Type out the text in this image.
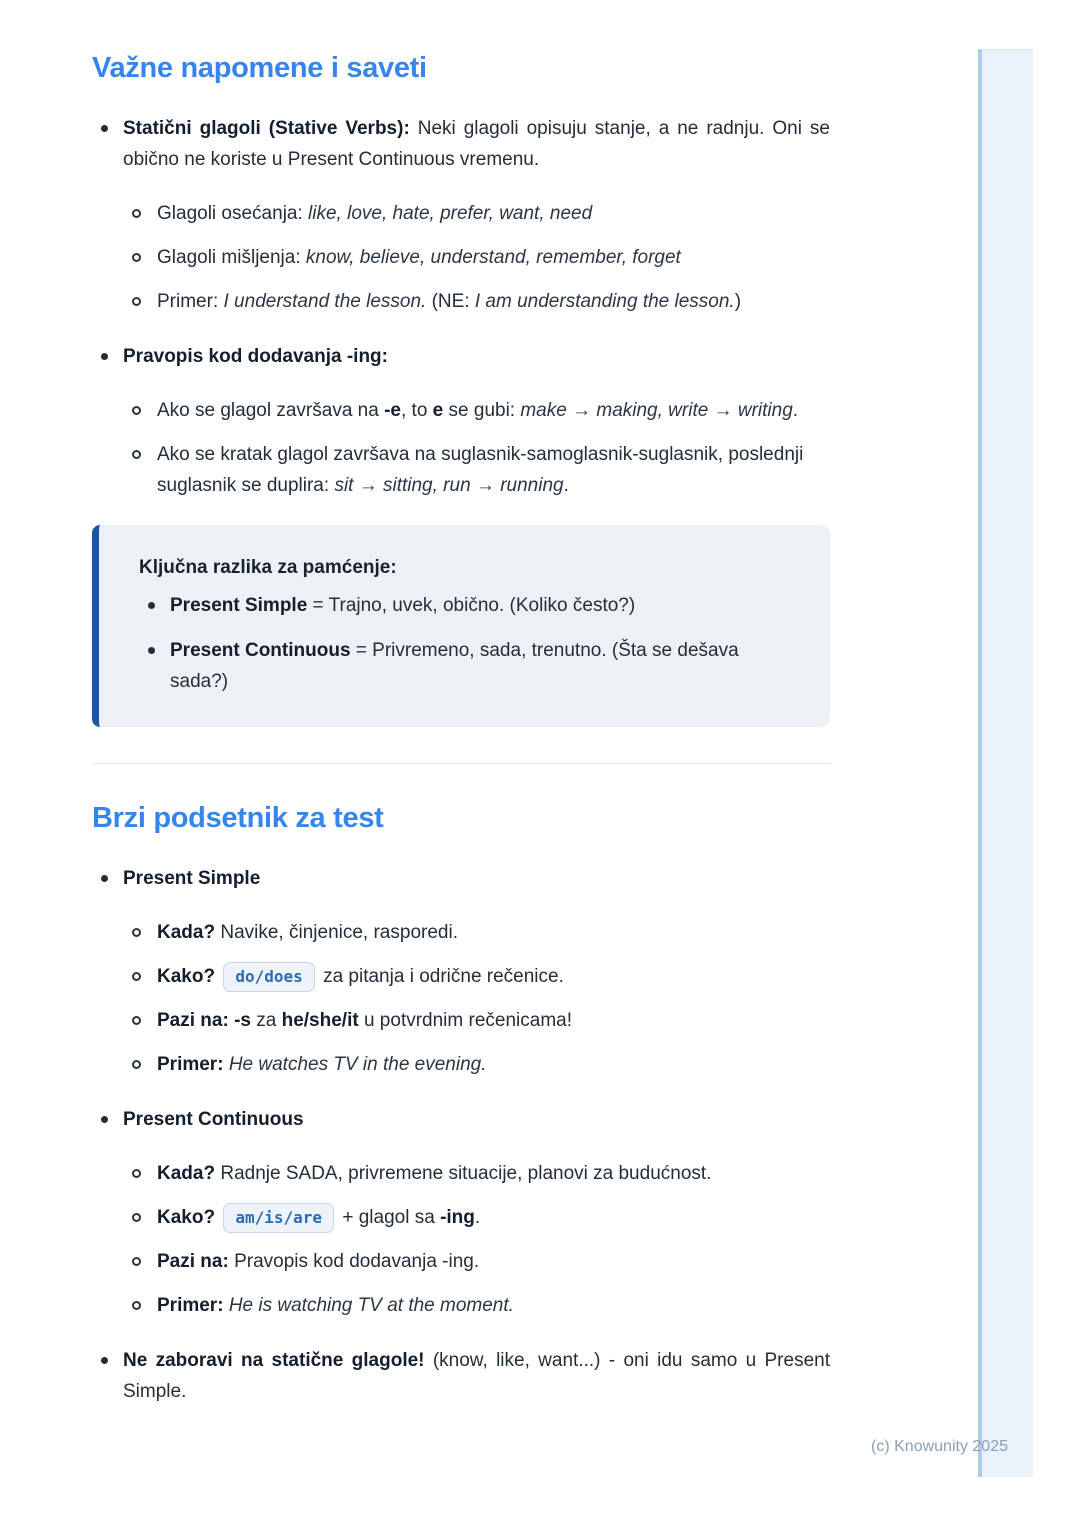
Važne napomene i saveti

Statični glagoli (Stative Verbs): Neki glagoli opisuju stanje, a ne radnju. Oni se obično ne koriste u Present Continuous vremenu.

Glagoli osećanja: like, love, hate, prefer, want, need

Glagoli mišljenja: know, believe, understand, remember, forget

Primer: I understand the lesson. (NE: I am understanding the lesson.)

Pravopis kod dodavanja -ing:

Ako se glagol završava na -e, to e se gubi: make → making, write → writing.

Ako se kratak glagol završava na suglasnik-samoglasnik-suglasnik, poslednji suglasnik se duplira: sit → sitting, run → running.

Ključna razlika za pamćenje:

Present Simple = Trajno, uvek, obično. (Koliko često?)

Present Continuous = Privremeno, sada, trenutno. (Šta se dešava sada?)

Brzi podsetnik za test

Present Simple

Kada? Navike, činjenice, rasporedi.

Kako? do/does za pitanja i odrične rečenice.

Pazi na: -s za he/she/it u potvrdnim rečenicama!

Primer: He watches TV in the evening.

Present Continuous

Kada? Radnje SADA, privremene situacije, planovi za budućnost.

Kako? am/is/are + glagol sa -ing.

Pazi na: Pravopis kod dodavanja -ing.

Primer: He is watching TV at the moment.

Ne zaboravi na statične glagole! (know, like, want...) - oni idu samo u Present Simple.

(c) Knowunity 2025
